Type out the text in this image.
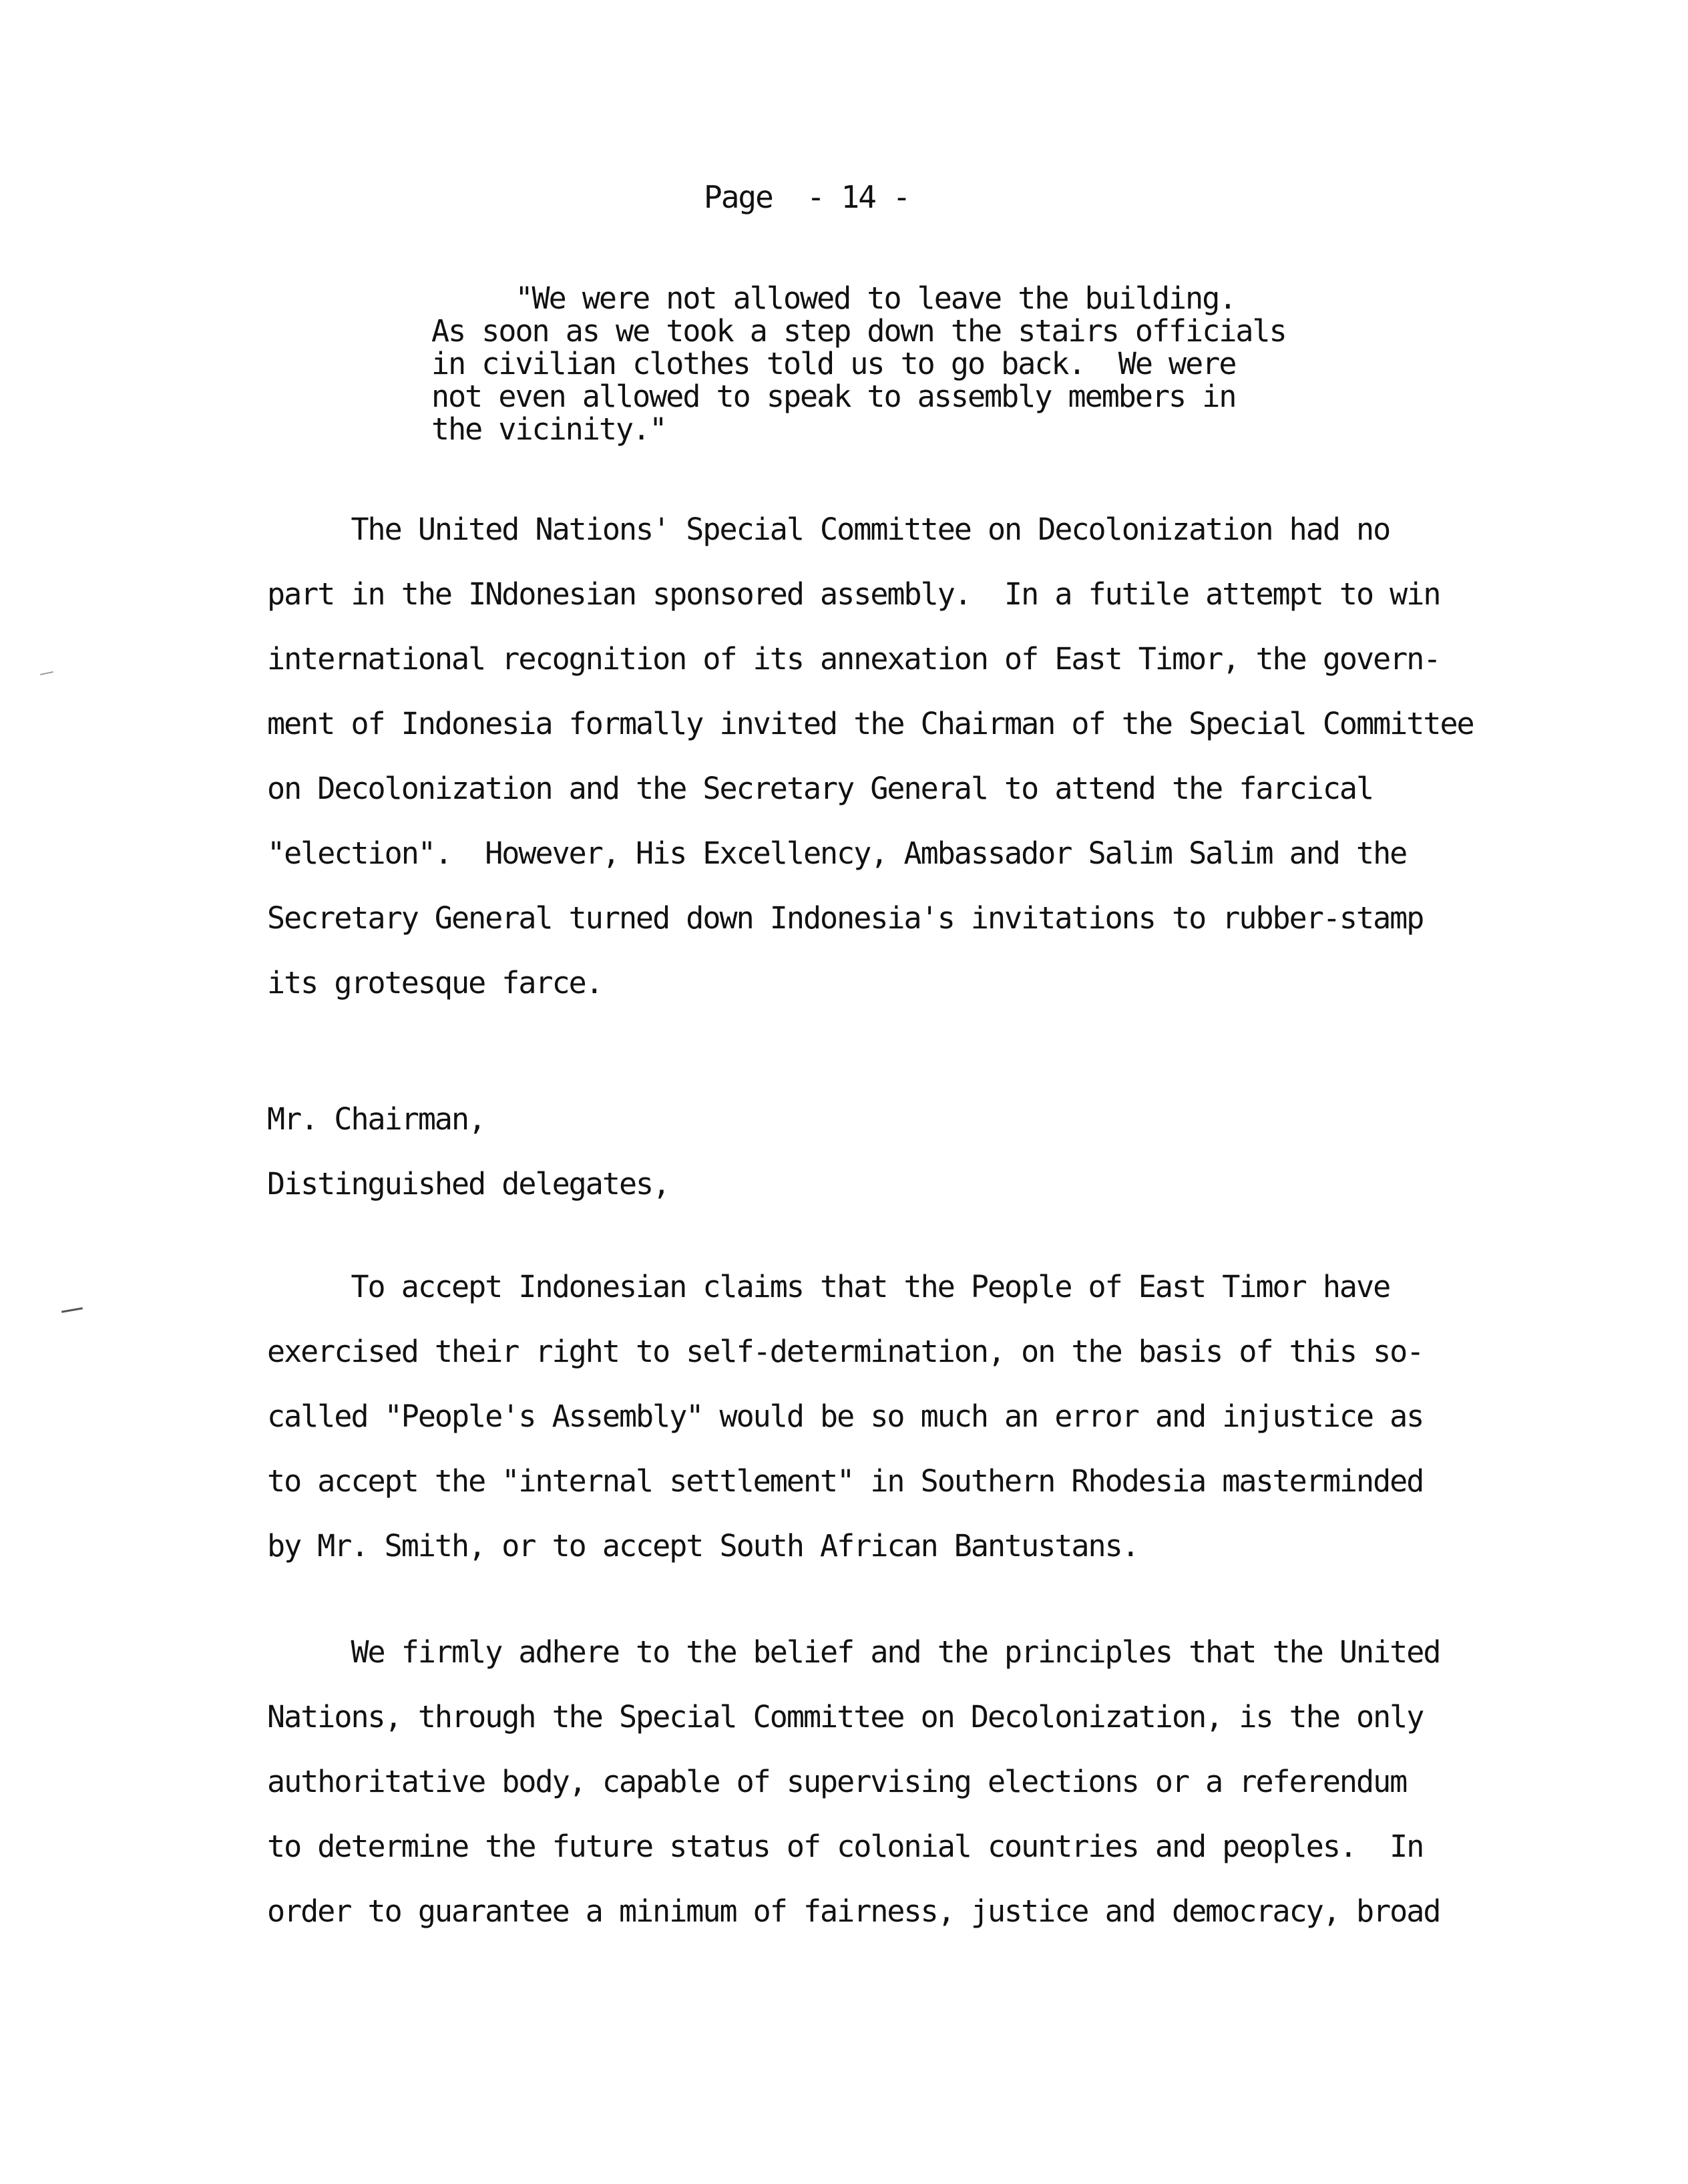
Page  - 14 -
"We were not allowed to leave the building.
As soon as we took a step down the stairs officials
in civilian clothes told us to go back.  We were
not even allowed to speak to assembly members in
the vicinity."
The United Nations' Special Committee on Decolonization had no
part in the INdonesian sponsored assembly.  In a futile attempt to win
international recognition of its annexation of East Timor, the govern-
ment of Indonesia formally invited the Chairman of the Special Committee
on Decolonization and the Secretary General to attend the farcical
"election".  However, His Excellency, Ambassador Salim Salim and the
Secretary General turned down Indonesia's invitations to rubber-stamp
its grotesque farce.
Mr. Chairman,
Distinguished delegates,
To accept Indonesian claims that the People of East Timor have
exercised their right to self-determination, on the basis of this so-
called "People's Assembly" would be so much an error and injustice as
to accept the "internal settlement" in Southern Rhodesia masterminded
by Mr. Smith, or to accept South African Bantustans.
We firmly adhere to the belief and the principles that the United
Nations, through the Special Committee on Decolonization, is the only
authoritative body, capable of supervising elections or a referendum
to determine the future status of colonial countries and peoples.  In
order to guarantee a minimum of fairness, justice and democracy, broad
